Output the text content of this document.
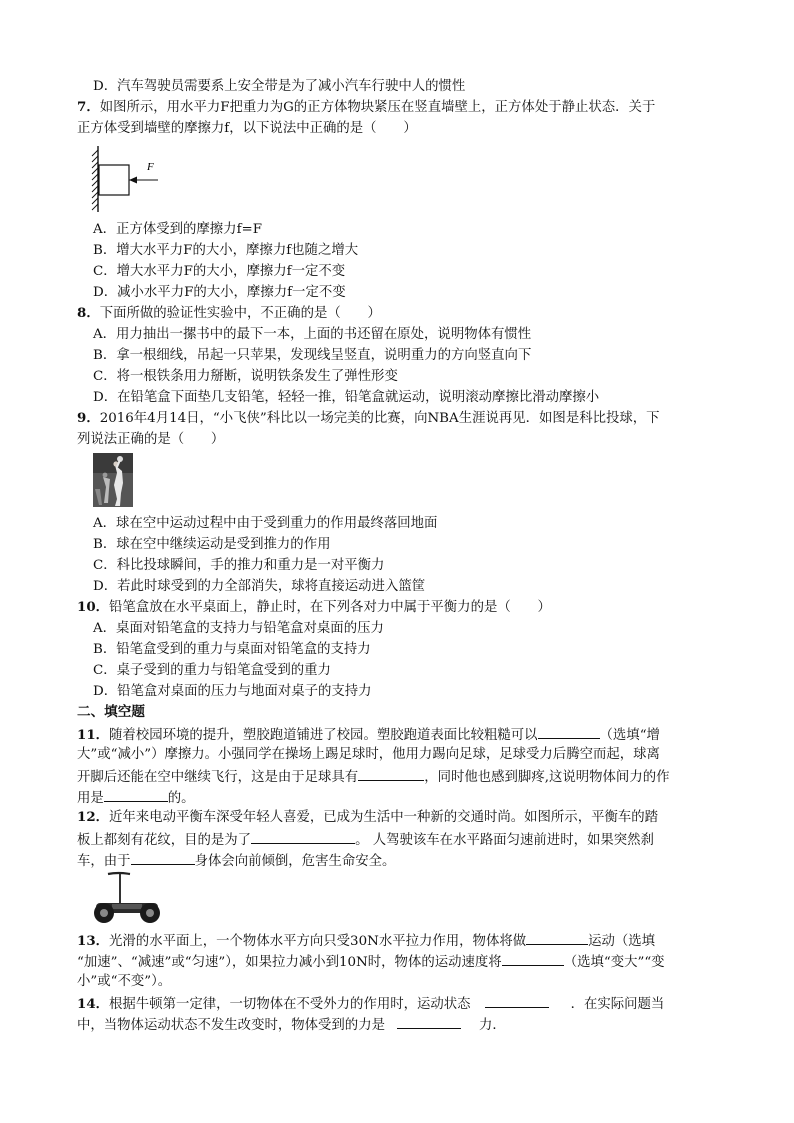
D．汽车驾驶员需要系上安全带是为了减小汽车行驶中人的惯性
7．如图所示，用水平力F把重力为G的正方体物块紧压在竖直墙壁上，正方体处于静止状态．关于
正方体受到墙壁的摩擦力f，以下说法中正确的是（　　）
F
A．正方体受到的摩擦力f=F
B．增大水平力F的大小，摩擦力f也随之增大
C．增大水平力F的大小，摩擦力f一定不变
D．减小水平力F的大小，摩擦力f一定不变
8．下面所做的验证性实验中，不正确的是（　　）
A．用力抽出一摞书中的最下一本，上面的书还留在原处，说明物体有惯性
B．拿一根细线，吊起一只苹果，发现线呈竖直，说明重力的方向竖直向下
C．将一根铁条用力掰断，说明铁条发生了弹性形变
D．在铅笔盒下面垫几支铅笔，轻轻一推，铅笔盒就运动，说明滚动摩擦比滑动摩擦小
9．2016年4月14日，“小飞侠”科比以一场完美的比赛，向NBA生涯说再见．如图是科比投球，下
列说法正确的是（　　）
A．球在空中运动过程中由于受到重力的作用最终落回地面
B．球在空中继续运动是受到推力的作用
C．科比投球瞬间，手的推力和重力是一对平衡力
D．若此时球受到的力全部消失，球将直接运动进入篮筐
10．铅笔盒放在水平桌面上，静止时，在下列各对力中属于平衡力的是（　　）
A．桌面对铅笔盒的支持力与铅笔盒对桌面的压力
B．铅笔盒受到的重力与桌面对铅笔盒的支持力
C．桌子受到的重力与铅笔盒受到的重力
D．铅笔盒对桌面的压力与地面对桌子的支持力
二、填空题
11．随着校园环境的提升，塑胶跑道铺进了校园。塑胶跑道表面比较粗糙可以	（选填“增
大”或“减小”）摩擦力。小强同学在操场上踢足球时，他用力踢向足球，足球受力后腾空而起，球离
开脚后还能在空中继续飞行，这是由于足球具有	，同时他也感到脚疼,这说明物体间力的作
用是	的。
12．近年来电动平衡车深受年轻人喜爱，已成为生活中一种新的交通时尚。如图所示，平衡车的踏
板上都刻有花纹，目的是为了	。 人驾驶该车在水平路面匀速前进时，如果突然刹
车，由于	身体会向前倾倒，危害生命安全。
13．光滑的水平面上，一个物体水平方向只受30N水平拉力作用，物体将做	运动（选填
“加速”、“减速”或“匀速”），如果拉力减小到10N时，物体的运动速度将	（选填“变大”“变
小”或“不变”）。
14．根据牛顿第一定律，一切物体在不受外力的作用时，运动状态	．在实际问题当
中，当物体运动状态不发生改变时，物体受到的力是	力．
